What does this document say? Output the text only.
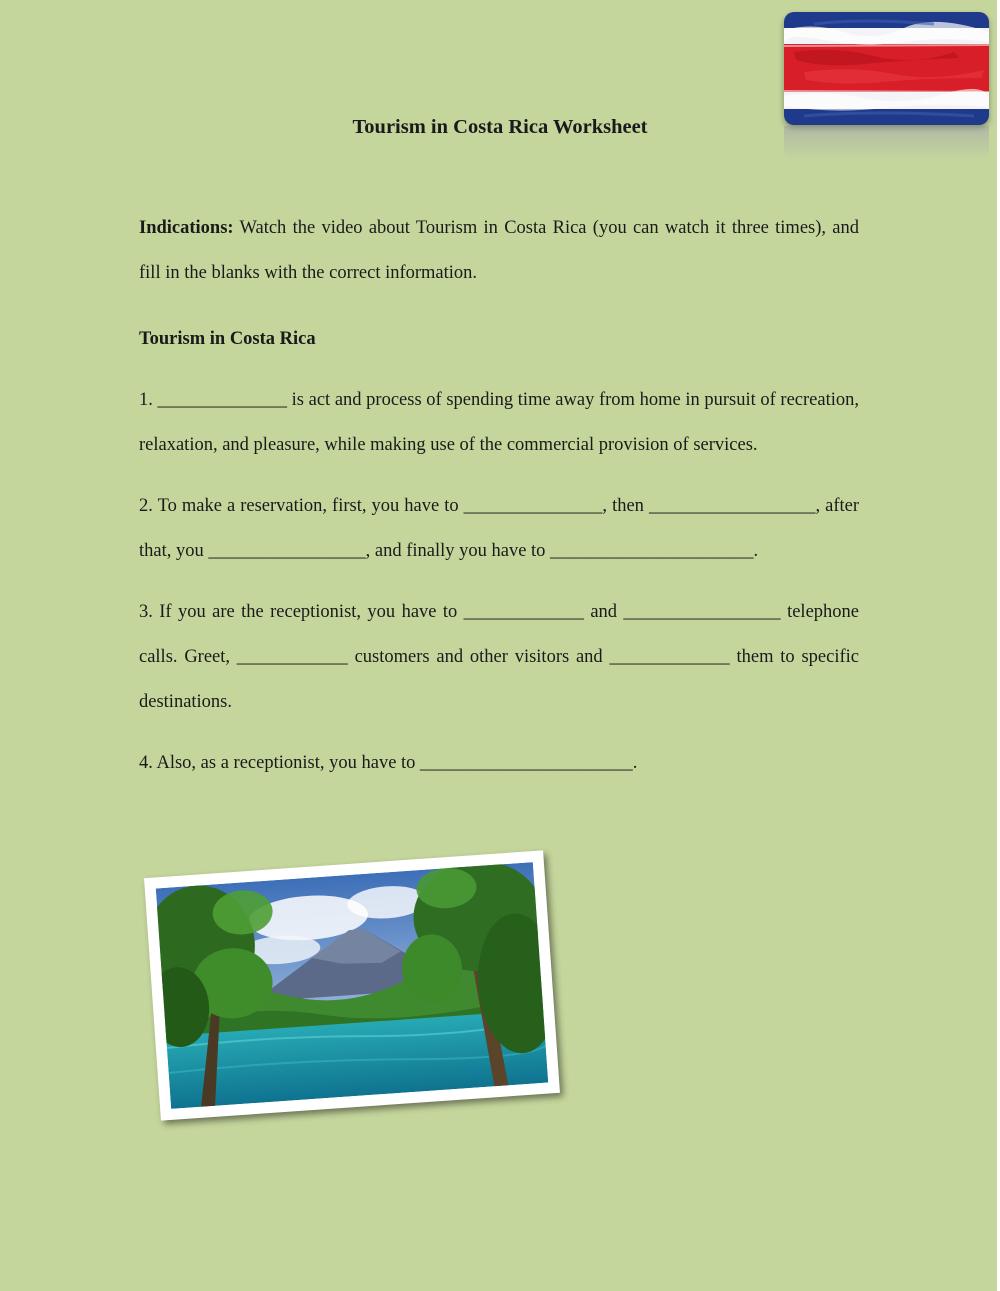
Tourism in Costa Rica Worksheet

Indications: Watch the video about Tourism in Costa Rica (you can watch it three times), and fill in the blanks with the correct information.

Tourism in Costa Rica

1. ______________ is act and process of spending time away from home in pursuit of recreation, relaxation, and pleasure, while making use of the commercial provision of services.

2. To make a reservation, first, you have to _______________, then __________________, after that, you _________________, and finally you have to ______________________.

3. If you are the receptionist, you have to _____________ and _________________ telephone calls. Greet, ____________ customers and other visitors and _____________ them to specific destinations.

4. Also, as a receptionist, you have to _______________________.
